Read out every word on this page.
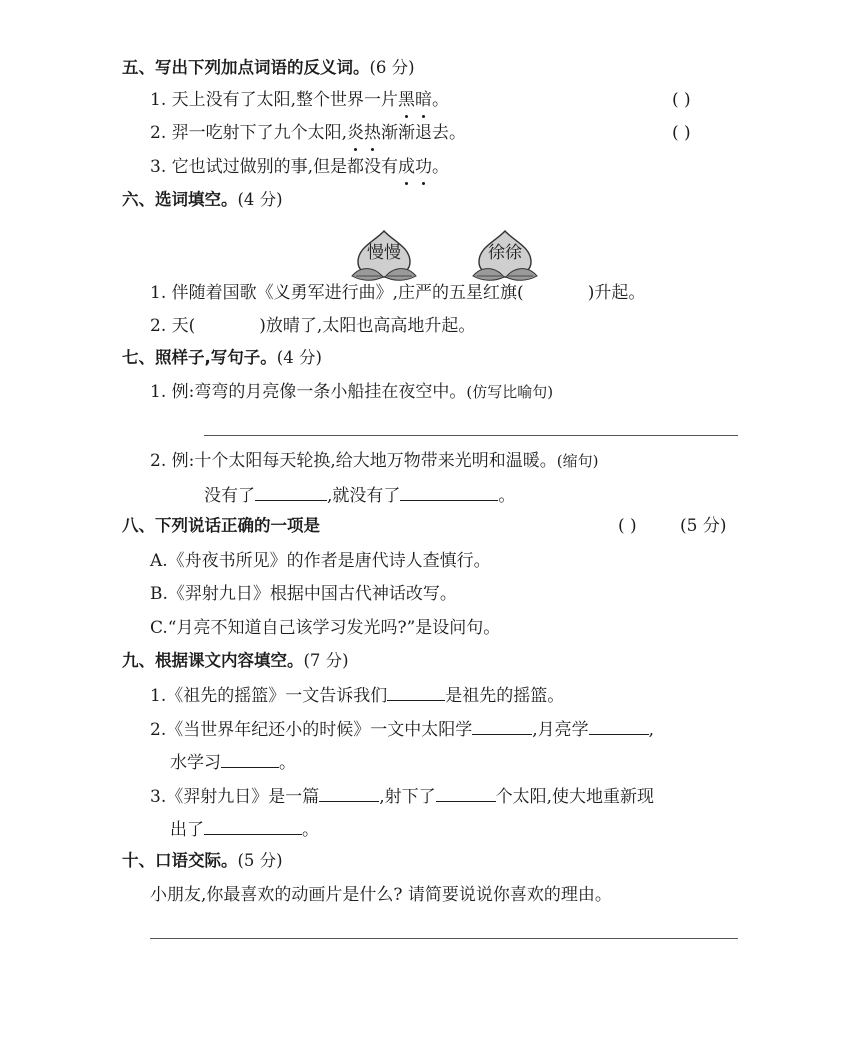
五、写出下列加点词语的反义词。(6 分)
1. 天上没有了太阳,整个世界一片黑暗。	( )
2. 羿一吃射下了九个太阳,炎热渐渐退去。	( )
3. 它也试过做别的事,但是都没有成功。
六、选词填空。(4 分)
慢慢	徐徐
1. 伴随着国歌《义勇军进行曲》,庄严的五星红旗(	)升起。
2. 天(	)放晴了,太阳也高高地升起。
七、照样子,写句子。(4 分)
1. 例:弯弯的月亮像一条小船挂在夜空中。(仿写比喻句)
2. 例:十个太阳每天轮换,给大地万物带来光明和温暖。(缩句)
没有了	,就没有了	。
八、下列说话正确的一项是	( )	(5 分)
A.《舟夜书所见》的作者是唐代诗人查慎行。
B.《羿射九日》根据中国古代神话改写。
C.“月亮不知道自己该学习发光吗?”是设问句。
九、根据课文内容填空。(7 分)
1.《祖先的摇篮》一文告诉我们	是祖先的摇篮。
2.《当世界年纪还小的时候》一文中太阳学	,月亮学	,
水学习	。
3.《羿射九日》是一篇	,射下了	个太阳,使大地重新现
出了	。
十、口语交际。(5 分)
小朋友,你最喜欢的动画片是什么? 请简要说说你喜欢的理由。
